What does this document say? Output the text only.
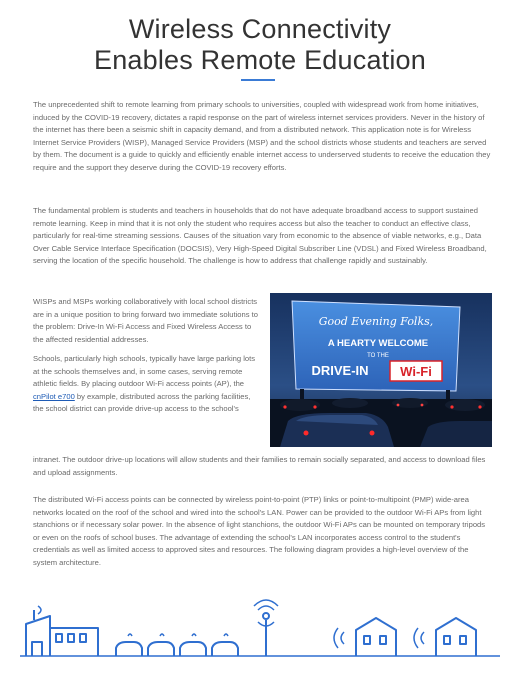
Wireless Connectivity
Enables Remote Education

The unprecedented shift to remote learning from primary schools to universities, coupled with widespread work from home initiatives, induced by the COVID-19 recovery, dictates a rapid response on the part of wireless internet services providers. Never in the history of the internet has there been a seismic shift in capacity demand, and from a distributed network. This application note is for Wireless Internet Service Providers (WISP), Managed Service Providers (MSP) and the school districts whose students and teachers are served by them. The document is a guide to quickly and efficiently enable internet access to underserved students to receive the education they require and the support they deserve during the COVID-19 recovery efforts.

The fundamental problem is students and teachers in households that do not have adequate broadband access to support sustained remote learning. Keep in mind that it is not only the student who requires access but also the teacher to conduct an effective class, particularly for real-time streaming sessions. Causes of the situation vary from economic to the absence of viable networks, e.g., Data Over Cable Service Interface Specification (DOCSIS), Very High-Speed Digital Subscriber Line (VDSL) and Fixed Wireless Broadband, serving the location of the specific household. The challenge is how to address that challenge rapidly and sustainably.

WISPs and MSPs working collaboratively with local school districts are in a unique position to bring forward two immediate solutions to the problem: Drive-In Wi-Fi Access and Fixed Wireless Access to the affected residential addresses.

Schools, particularly high schools, typically have large parking lots at the schools themselves and, in some cases, serving remote athletic fields. By placing outdoor Wi-Fi access points (AP), the cnPilot e700 by example, distributed across the parking facilities, the school district can provide drive-up access to the school's

intranet. The outdoor drive-up locations will allow students and their families to remain socially separated, and access to download files and upload assignments.

Good Evening Folks,
A HEARTY WELCOME
TO THE
DRIVE-IN Wi-Fi

The distributed Wi-Fi access points can be connected by wireless point-to-point (PTP) links or point-to-multipoint (PMP) wide-area networks located on the roof of the school and wired into the school's LAN. Power can be provided to the outdoor Wi-Fi APs from light stanchions or if necessary solar power. In the absence of light stanchions, the outdoor Wi-Fi APs can be mounted on temporary tripods or even on the roofs of school buses. The advantage of extending the school's LAN incorporates access control to the student's credentials as well as limited access to approved sites and resources. The following diagram provides a high-level overview of the system architecture.
